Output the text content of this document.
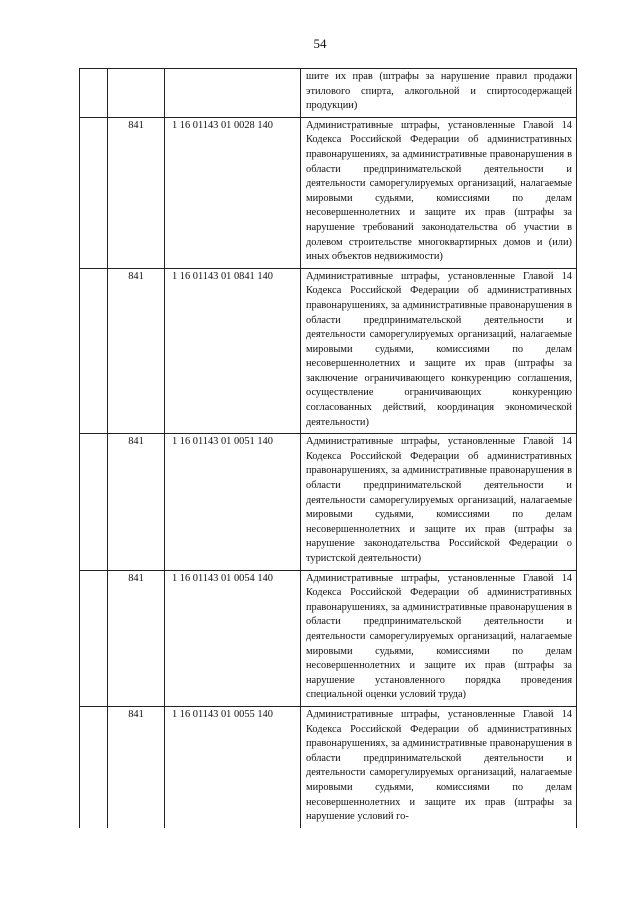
54
			шите их прав (штрафы за нарушение правил продажи этилового спирта, алкогольной и спиртосодержащей продукции)
	841	1 16 01143 01 0028 140	Административные штрафы, установленные Главой 14 Кодекса Российской Федерации об административных правонарушениях, за административные правонарушения в области предпринимательской деятельности и деятельности саморегулируемых организаций, налагаемые мировыми судьями, комиссиями по делам несовершеннолетних и защите их прав (штрафы за нарушение требований законодательства об участии в долевом строительстве многоквартирных домов и (или) иных объектов недвижимости)
	841	1 16 01143 01 0841 140	Административные штрафы, установленные Главой 14 Кодекса Российской Федерации об административных правонарушениях, за административные правонарушения в области предпринимательской деятельности и деятельности саморегулируемых организаций, налагаемые мировыми судьями, комиссиями по делам несовершеннолетних и защите их прав (штрафы за заключение ограничивающего конкуренцию соглашения, осуществление ограничивающих конкуренцию согласованных действий, координация экономической деятельности)
	841	1 16 01143 01 0051 140	Административные штрафы, установленные Главой 14 Кодекса Российской Федерации об административных правонарушениях, за административные правонарушения в области предпринимательской деятельности и деятельности саморегулируемых организаций, налагаемые мировыми судьями, комиссиями по делам несовершеннолетних и защите их прав (штрафы за нарушение законодательства Российской Федерации о туристской деятельности)
	841	1 16 01143 01 0054 140	Административные штрафы, установленные Главой 14 Кодекса Российской Федерации об административных правонарушениях, за административные правонарушения в области предпринимательской деятельности и деятельности саморегулируемых организаций, налагаемые мировыми судьями, комиссиями по делам несовершеннолетних и защите их прав (штрафы за нарушение установленного порядка проведения специальной оценки условий труда)
	841	1 16 01143 01 0055 140	Административные штрафы, установленные Главой 14 Кодекса Российской Федерации об административных правонарушениях, за административные правонарушения в области предпринимательской деятельности и деятельности саморегулируемых организаций, налагаемые мировыми судьями, комиссиями по делам несовершеннолетних и защите их прав (штрафы за нарушение условий го-
